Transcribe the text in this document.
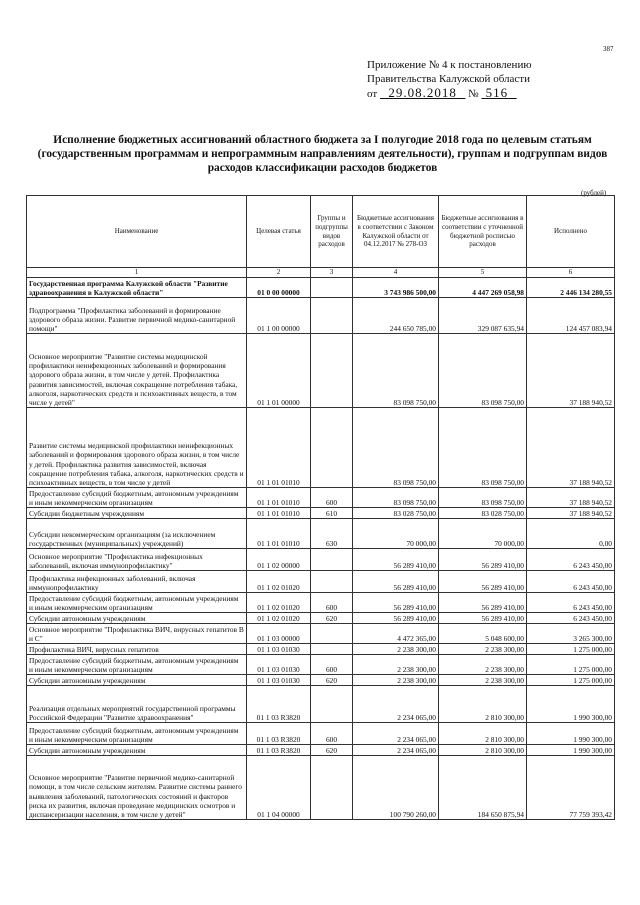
387
Приложение № 4 к постановлению
Правительства Калужской области
от 29.08.2018 № 516
Исполнение бюджетных ассигнований областного бюджета за I полугодие 2018 года по целевым статьям (государственным программам и непрограммным направлениям деятельности), группам и подгруппам видов расходов классификации расходов бюджетов
(рублей)
Наименование	Целевая статья	Группы и подгруппы видов расходов	Бюджетные ассигнования в соответствии с Законом Калужской области от 04.12.2017 № 278-ОЗ	Бюджетные ассигнования в соответствии с уточненной бюджетной росписью расходов	Исполнено
1	2	3	4	5	6
Государственная программа Калужской области "Развитие здравоохранения в Калужской области"	01 0 00 00000		3 743 986 500,00	4 447 269 058,98	2 446 134 280,55
Подпрограмма "Профилактика заболеваний и формирование здорового образа жизни. Развитие первичной медико-санитарной помощи"	01 1 00 00000		244 650 785,00	329 087 635,94	124 457 083,94
Основное мероприятие "Развитие системы медицинской профилактики неинфекционных заболеваний и формирования здорового образа жизни, в том числе у детей. Профилактика развития зависимостей, включая сокращение потребления табака, алкоголя, наркотических средств и психоактивных веществ, в том числе у детей"	01 1 01 00000		83 098 750,00	83 098 750,00	37 188 940,52
Развитие системы медицинской профилактики неинфекционных заболеваний и формирования здорового образа жизни, в том числе у детей. Профилактика развития зависимостей, включая сокращение потребления табака, алкоголя, наркотических средств и психоактивных веществ, в том числе у детей	01 1 01 01010		83 098 750,00	83 098 750,00	37 188 940,52
Предоставление субсидий бюджетным, автономным учреждениям и иным некоммерческим организациям	01 1 01 01010	600	83 098 750,00	83 098 750,00	37 188 940,52
Субсидии бюджетным учреждениям	01 1 01 01010	610	83 028 750,00	83 028 750,00	37 188 940,52
Субсидии некоммерческим организациям (за исключением государственных (муниципальных) учреждений)	01 1 01 01010	630	70 000,00	70 000,00	0,00
Основное мероприятие "Профилактика инфекционных заболеваний, включая иммунопрофилактику"	01 1 02 00000		56 289 410,00	56 289 410,00	6 243 450,00
Профилактика инфекционных заболеваний, включая иммунопрофилактику	01 1 02 01020		56 289 410,00	56 289 410,00	6 243 450,00
Предоставление субсидий бюджетным, автономным учреждениям и иным некоммерческим организациям	01 1 02 01020	600	56 289 410,00	56 289 410,00	6 243 450,00
Субсидии автономным учреждениям	01 1 02 01020	620	56 289 410,00	56 289 410,00	6 243 450,00
Основное мероприятие "Профилактика ВИЧ, вирусных гепатитов В и С"	01 1 03 00000		4 472 365,00	5 048 600,00	3 265 300,00
Профилактика ВИЧ, вирусных гепатитов	01 1 03 01030		2 238 300,00	2 238 300,00	1 275 000,00
Предоставление субсидий бюджетным, автономным учреждениям и иным некоммерческим организациям	01 1 03 01030	600	2 238 300,00	2 238 300,00	1 275 000,00
Субсидии автономным учреждениям	01 1 03 01030	620	2 238 300,00	2 238 300,00	1 275 000,00
Реализация отдельных мероприятий государственной программы Российской Федерации "Развитие здравоохранения"	01 1 03 R3820		2 234 065,00	2 810 300,00	1 990 300,00
Предоставление субсидий бюджетным, автономным учреждениям и иным некоммерческим организациям	01 1 03 R3820	600	2 234 065,00	2 810 300,00	1 990 300,00
Субсидии автономным учреждениям	01 1 03 R3820	620	2 234 065,00	2 810 300,00	1 990 300,00
Основное мероприятие "Развитие первичной медико-санитарной помощи, в том числе сельским жителям. Развитие системы раннего выявления заболеваний, патологических состояний и факторов риска их развития, включая проведение медицинских осмотров и диспансеризации населения, в том числе у детей"	01 1 04 00000		100 790 260,00	184 650 875,94	77 759 393,42
